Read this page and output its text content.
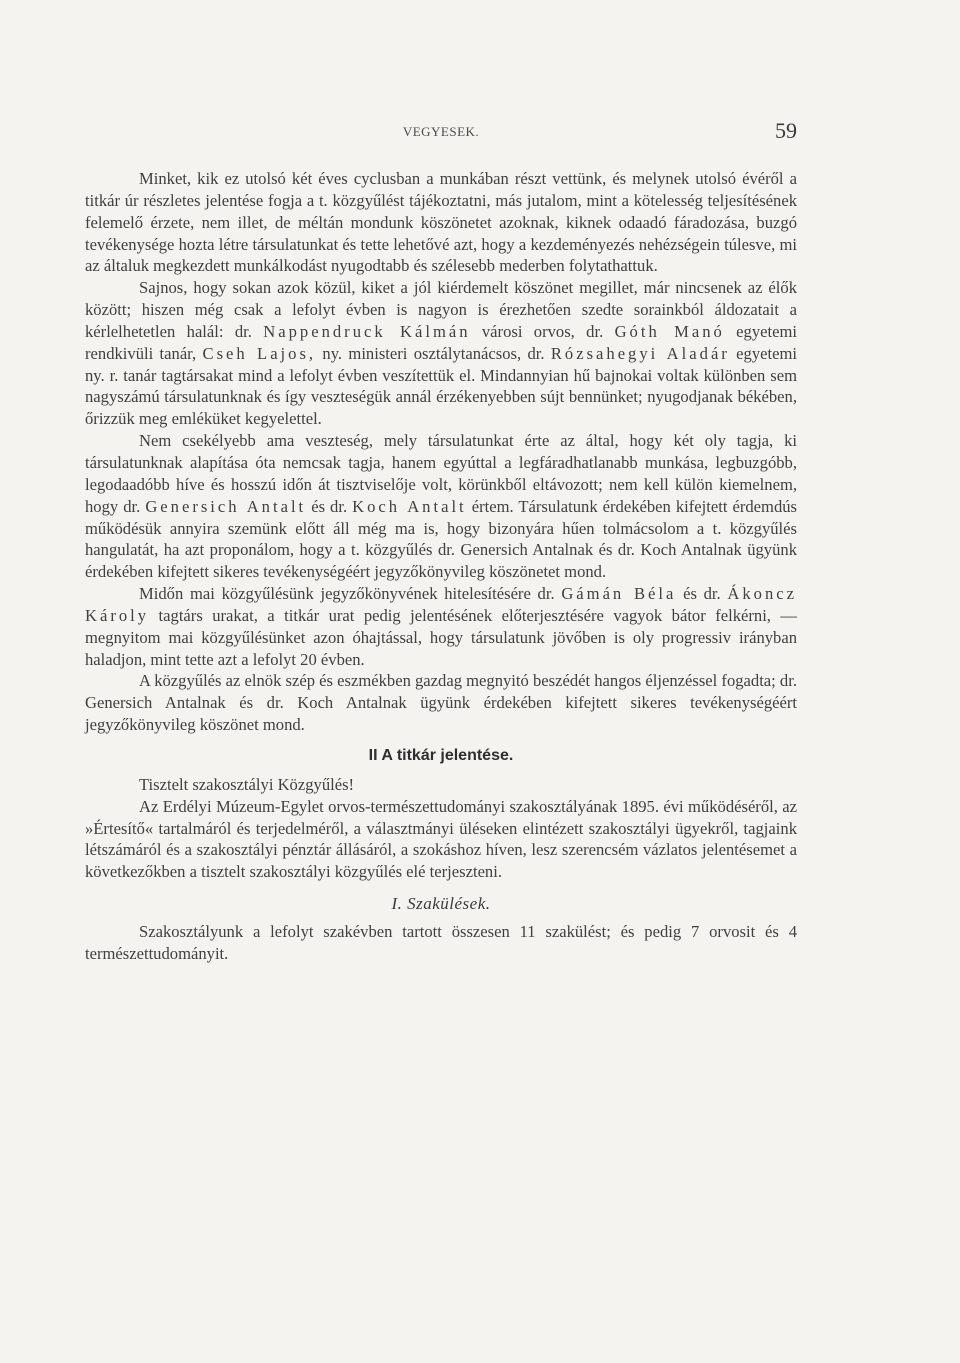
VEGYESEK.	59

Minket, kik ez utolsó két éves cyclusban a munkában részt vettünk, és melynek utolsó évéről a titkár úr részletes jelentése fogja a t. közgyűlést tájékoztatni, más jutalom, mint a kötelesség teljesítésének felemelő érzete, nem illet, de méltán mondunk köszönetet azoknak, kiknek odaadó fáradozása, buzgó tevékenysége hozta létre társulatunkat és tette lehetővé azt, hogy a kezdeményezés nehézségein túlesve, mi az általuk megkezdett munkálkodást nyugodtabb és szélesebb mederben folytathattuk.

Sajnos, hogy sokan azok közül, kiket a jól kiérdemelt köszönet megillet, már nincsenek az élők között; hiszen még csak a lefolyt évben is nagyon is érezhetően szedte sorainkból áldozatait a kérlelhetetlen halál: dr. Nappendruck Kálmán városi orvos, dr. Góth Manó egyetemi rendkivüli tanár, Cseh Lajos, ny. ministeri osztálytanácsos, dr. Rózsahegyi Aladár egyetemi ny. r. tanár tagtársakat mind a lefolyt évben veszítettük el. Mindannyian hű bajnokai voltak különben sem nagyszámú társulatunknak és így veszteségük annál érzékenyebben sújt bennünket; nyugodjanak békében, őrizzük meg emléküket kegyelettel.

Nem csekélyebb ama veszteség, mely társulatunkat érte az által, hogy két oly tagja, ki társulatunknak alapítása óta nemcsak tagja, hanem egyúttal a legfáradhatlanabb munkása, legbuzgóbb, legodaadóbb híve és hosszú időn át tisztviselője volt, körünkből eltávozott; nem kell külön kiemelnem, hogy dr. Genersich Antalt és dr. Koch Antalt értem. Társulatunk érdekében kifejtett érdemdús működésük annyira szemünk előtt áll még ma is, hogy bizonyára hűen tolmácsolom a t. közgyűlés hangulatát, ha azt proponálom, hogy a t. közgyűlés dr. Genersich Antalnak és dr. Koch Antalnak ügyünk érdekében kifejtett sikeres tevékenységéért jegyzőkönyvileg köszönetet mond.

Midőn mai közgyűlésünk jegyzőkönyvének hitelesítésére dr. Gámán Béla és dr. Ákoncz Károly tagtárs urakat, a titkár urat pedig jelentésének előterjesztésére vagyok bátor felkérni, — megnyitom mai közgyűlésünket azon óhajtással, hogy társulatunk jövőben is oly progressiv irányban haladjon, mint tette azt a lefolyt 20 évben.

A közgyűlés az elnök szép és eszmékben gazdag megnyitó beszédét hangos éljenzéssel fogadta; dr. Genersich Antalnak és dr. Koch Antalnak ügyünk érdekében kifejtett sikeres tevékenységéért jegyzőkönyvileg köszönet mond.

II A titkár jelentése.

Tisztelt szakosztályi Közgyűlés!

Az Erdélyi Múzeum-Egylet orvos-természettudományi szakosztályának 1895. évi működéséről, az »Értesítő« tartalmáról és terjedelméről, a választmányi üléseken elintézett szakosztályi ügyekről, tagjaink létszámáról és a szakosztályi pénztár állásáról, a szokáshoz híven, lesz szerencsém vázlatos jelentésemet a következőkben a tisztelt szakosztályi közgyűlés elé terjeszteni.

I. Szakülések.

Szakosztályunk a lefolyt szakévben tartott összesen 11 szakülést; és pedig 7 orvosit és 4 természettudományit.
